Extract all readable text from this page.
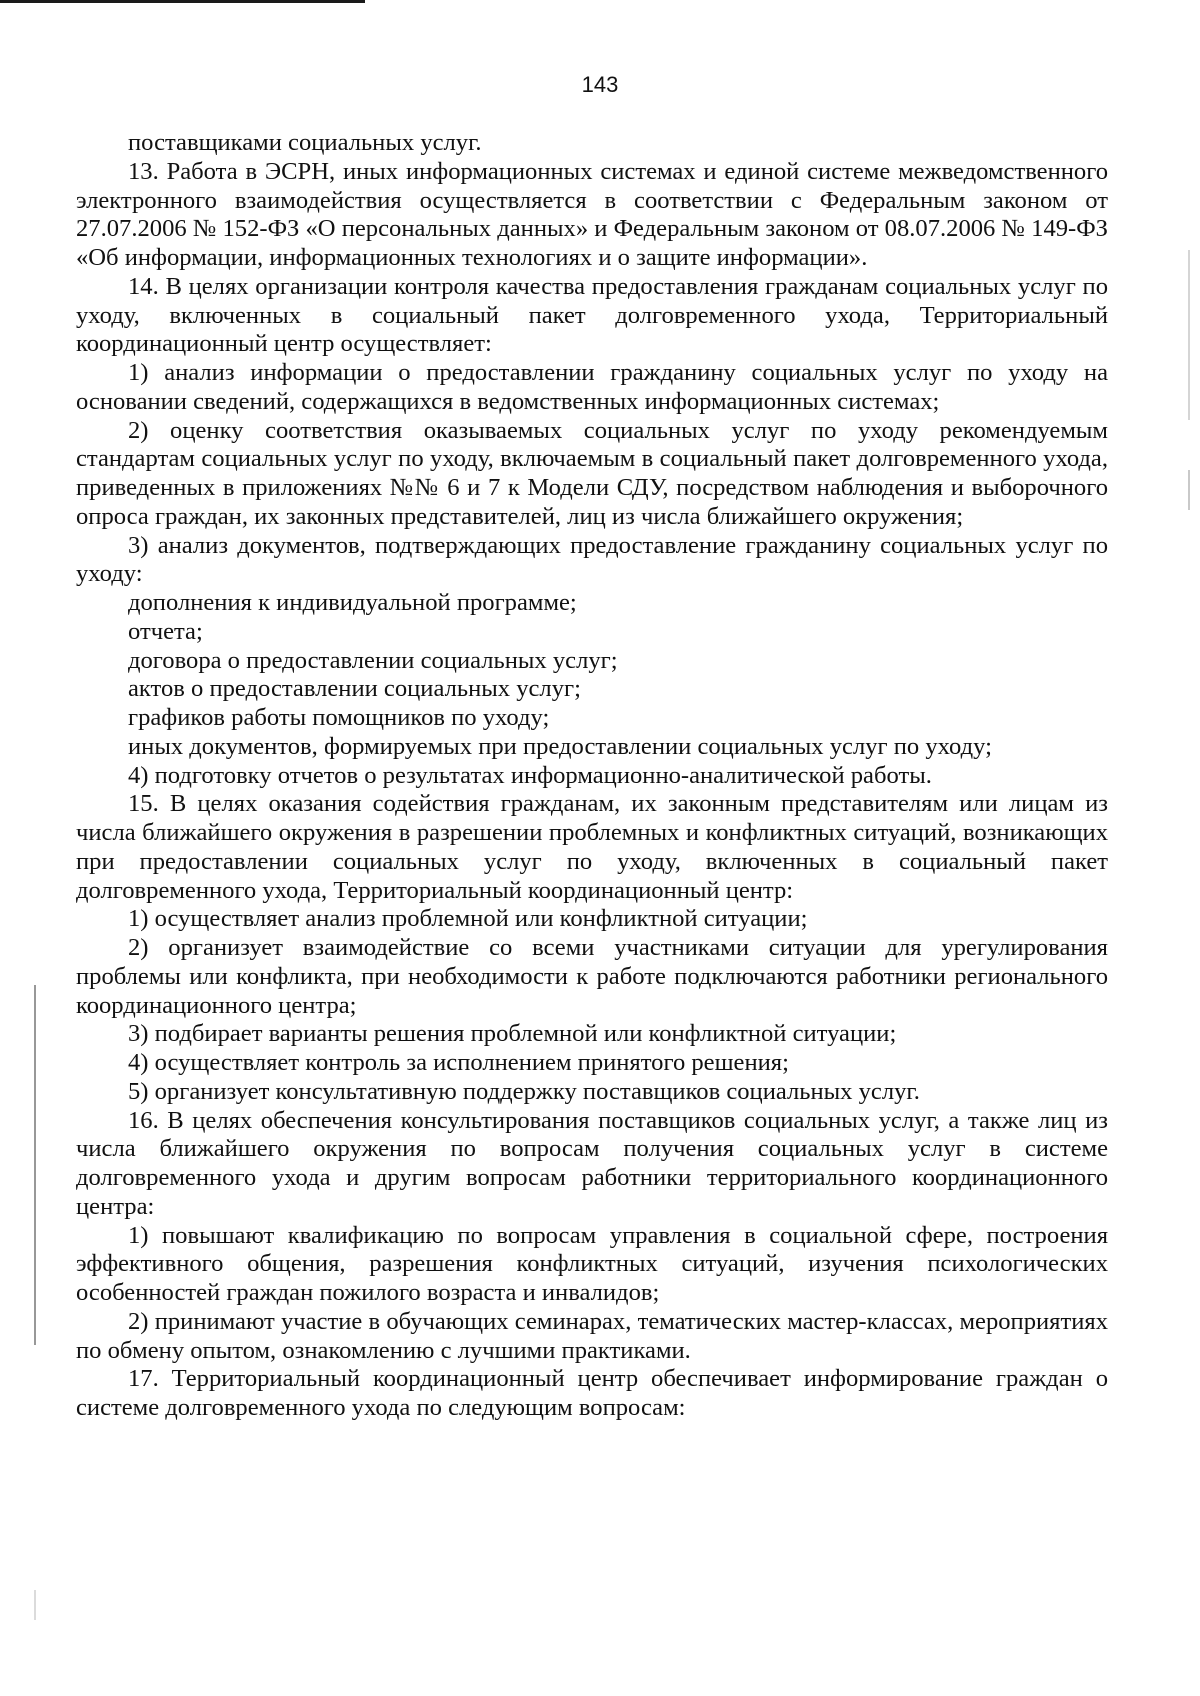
143

поставщиками социальных услуг.

13. Работа в ЭСРН, иных информационных системах и единой системе межведомственного электронного взаимодействия осуществляется в соответствии с Федеральным законом от 27.07.2006 № 152-ФЗ «О персональных данных» и Федеральным законом от 08.07.2006 № 149-ФЗ «Об информации, информационных технологиях и о защите информации».

14. В целях организации контроля качества предоставления гражданам социальных услуг по уходу, включенных в социальный пакет долговременного ухода, Территориальный координационный центр осуществляет:

1) анализ информации о предоставлении гражданину социальных услуг по уходу на основании сведений, содержащихся в ведомственных информационных системах;

2) оценку соответствия оказываемых социальных услуг по уходу рекомендуемым стандартам социальных услуг по уходу, включаемым в социальный пакет долговременного ухода, приведенных в приложениях №№ 6 и 7 к Модели СДУ, посредством наблюдения и выборочного опроса граждан, их законных представителей, лиц из числа ближайшего окружения;

3) анализ документов, подтверждающих предоставление гражданину социальных услуг по уходу:

дополнения к индивидуальной программе;

отчета;

договора о предоставлении социальных услуг;

актов о предоставлении социальных услуг;

графиков работы помощников по уходу;

иных документов, формируемых при предоставлении социальных услуг по уходу;

4) подготовку отчетов о результатах информационно-аналитической работы.

15. В целях оказания содействия гражданам, их законным представителям или лицам из числа ближайшего окружения в разрешении проблемных и конфликтных ситуаций, возникающих при предоставлении социальных услуг по уходу, включенных в социальный пакет долговременного ухода, Территориальный координационный центр:

1) осуществляет анализ проблемной или конфликтной ситуации;

2) организует взаимодействие со всеми участниками ситуации для урегулирования проблемы или конфликта, при необходимости к работе подключаются работники регионального координационного центра;

3) подбирает варианты решения проблемной или конфликтной ситуации;

4) осуществляет контроль за исполнением принятого решения;

5) организует консультативную поддержку поставщиков социальных услуг.

16. В целях обеспечения консультирования поставщиков социальных услуг, а также лиц из числа ближайшего окружения по вопросам получения социальных услуг в системе долговременного ухода и другим вопросам работники территориального координационного центра:

1) повышают квалификацию по вопросам управления в социальной сфере, построения эффективного общения, разрешения конфликтных ситуаций, изучения психологических особенностей граждан пожилого возраста и инвалидов;

2) принимают участие в обучающих семинарах, тематических мастер-классах, мероприятиях по обмену опытом, ознакомлению с лучшими практиками.

17. Территориальный координационный центр обеспечивает информирование граждан о системе долговременного ухода по следующим вопросам:
